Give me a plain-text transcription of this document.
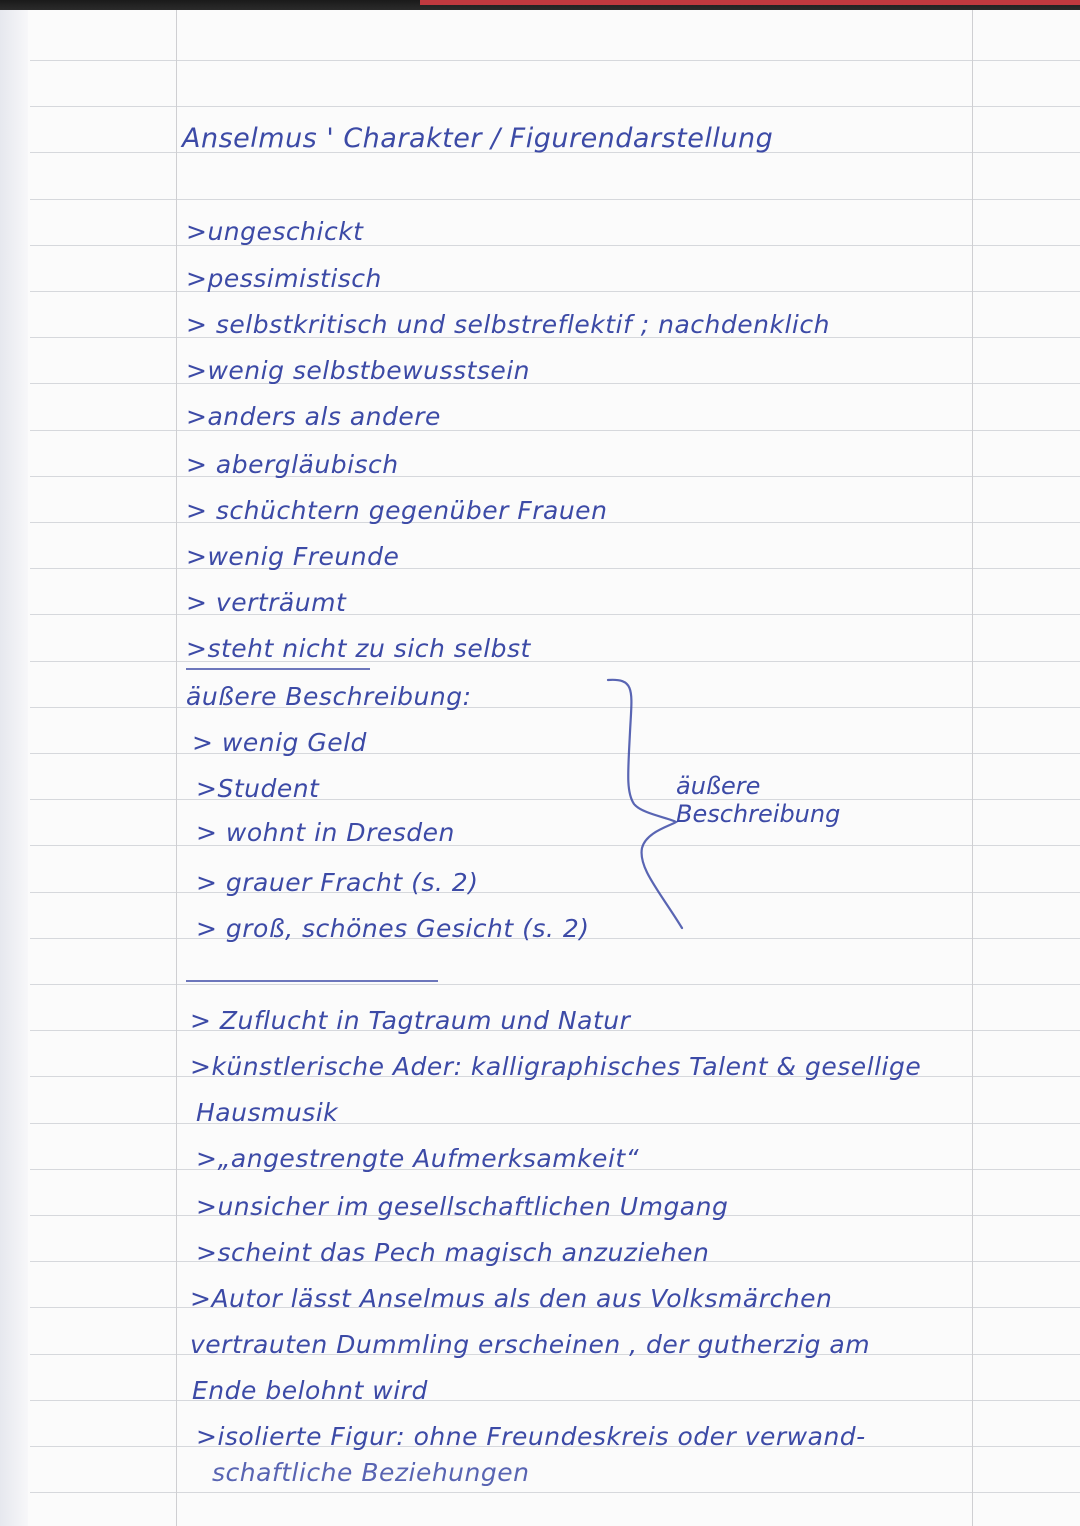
Anselmus ' Charakter / Figurendarstellung
>ungeschickt
>pessimistisch
> selbstkritisch und selbstreflektif ; nachdenklich
>wenig selbstbewusstsein
>anders als andere
> abergläubisch
> schüchtern gegenüber Frauen
>wenig Freunde
> verträumt
>steht nicht zu sich selbst
äußere Beschreibung:
> wenig Geld
>Student
> wohnt in Dresden
> grauer Fracht (s. 2)
> groß, schönes Gesicht (s. 2)
äußere
Beschreibung
> Zuflucht in Tagtraum und Natur
>künstlerische Ader: kalligraphisches Talent & gesellige
Hausmusik
>„angestrengte Aufmerksamkeit“
>unsicher im gesellschaftlichen Umgang
>scheint das Pech magisch anzuziehen
>Autor lässt Anselmus als den aus Volksmärchen
vertrauten Dummling erscheinen , der gutherzig am
Ende belohnt wird
>isolierte Figur: ohne Freundeskreis oder verwand-
schaftliche Beziehungen
